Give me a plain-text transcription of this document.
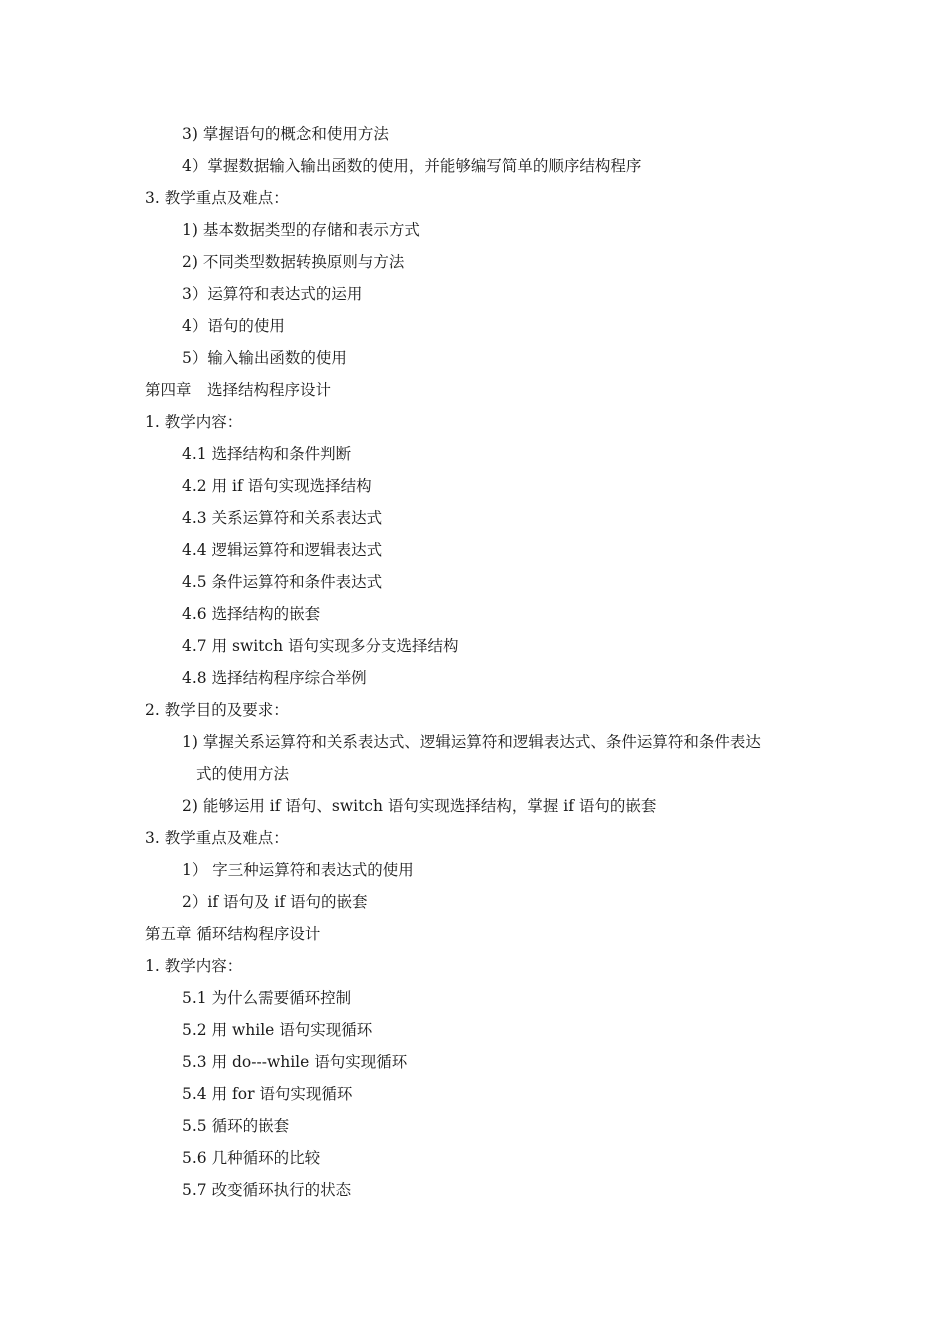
3) 掌握语句的概念和使用方法
4）掌握数据输入输出函数的使用，并能够编写简单的顺序结构程序
3. 教学重点及难点：
1) 基本数据类型的存储和表示方式
2) 不同类型数据转换原则与方法
3）运算符和表达式的运用
4）语句的使用
5）输入输出函数的使用
第四章　选择结构程序设计
1. 教学内容：
4.1 选择结构和条件判断
4.2 用 if 语句实现选择结构
4.3 关系运算符和关系表达式
4.4 逻辑运算符和逻辑表达式
4.5 条件运算符和条件表达式
4.6 选择结构的嵌套
4.7 用 switch 语句实现多分支选择结构
4.8 选择结构程序综合举例
2. 教学目的及要求：
1) 掌握关系运算符和关系表达式、逻辑运算符和逻辑表达式、条件运算符和条件表达
式的使用方法
2) 能够运用 if 语句、switch 语句实现选择结构，掌握 if 语句的嵌套
3. 教学重点及难点：
1） 字三种运算符和表达式的使用
2）if 语句及 if 语句的嵌套
第五章 循环结构程序设计
1. 教学内容：
5.1 为什么需要循环控制
5.2 用 while 语句实现循环
5.3 用 do---while 语句实现循环
5.4 用 for 语句实现循环
5.5 循环的嵌套
5.6 几种循环的比较
5.7 改变循环执行的状态
